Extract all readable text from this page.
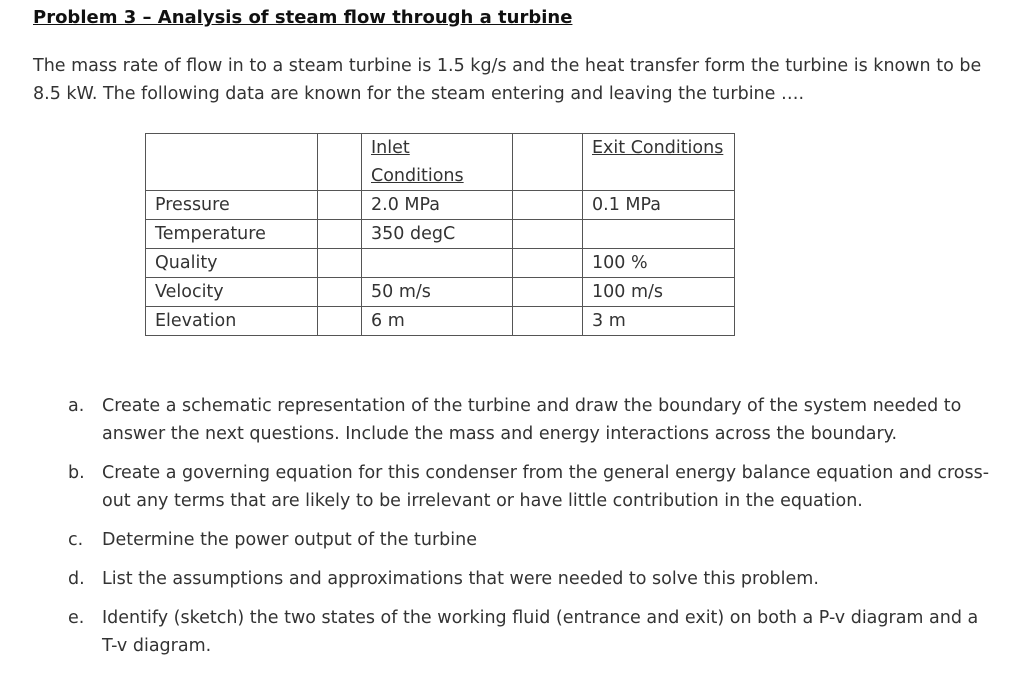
Problem 3 – Analysis of steam flow through a turbine
The mass rate of flow in to a steam turbine is 1.5 kg/s and the heat transfer form the turbine is known to be 8.5 kW. The following data are known for the steam entering and leaving the turbine ….
		Inlet Conditions		Exit Conditions
Pressure		2.0 MPa		0.1 MPa
Temperature		350 degC		
Quality				100 %
Velocity		50 m/s		100 m/s
Elevation		6 m		3 m
a.	Create a schematic representation of the turbine and draw the boundary of the system needed to answer the next questions. Include the mass and energy interactions across the boundary.
b. Create a governing equation for this condenser from the general energy balance equation and cross-out any terms that are likely to be irrelevant or have little contribution in the equation.
c.	Determine the power output of the turbine
d. List the assumptions and approximations that were needed to solve this problem.
e.	Identify (sketch) the two states of the working fluid (entrance and exit) on both a P-v diagram and a T-v diagram.
